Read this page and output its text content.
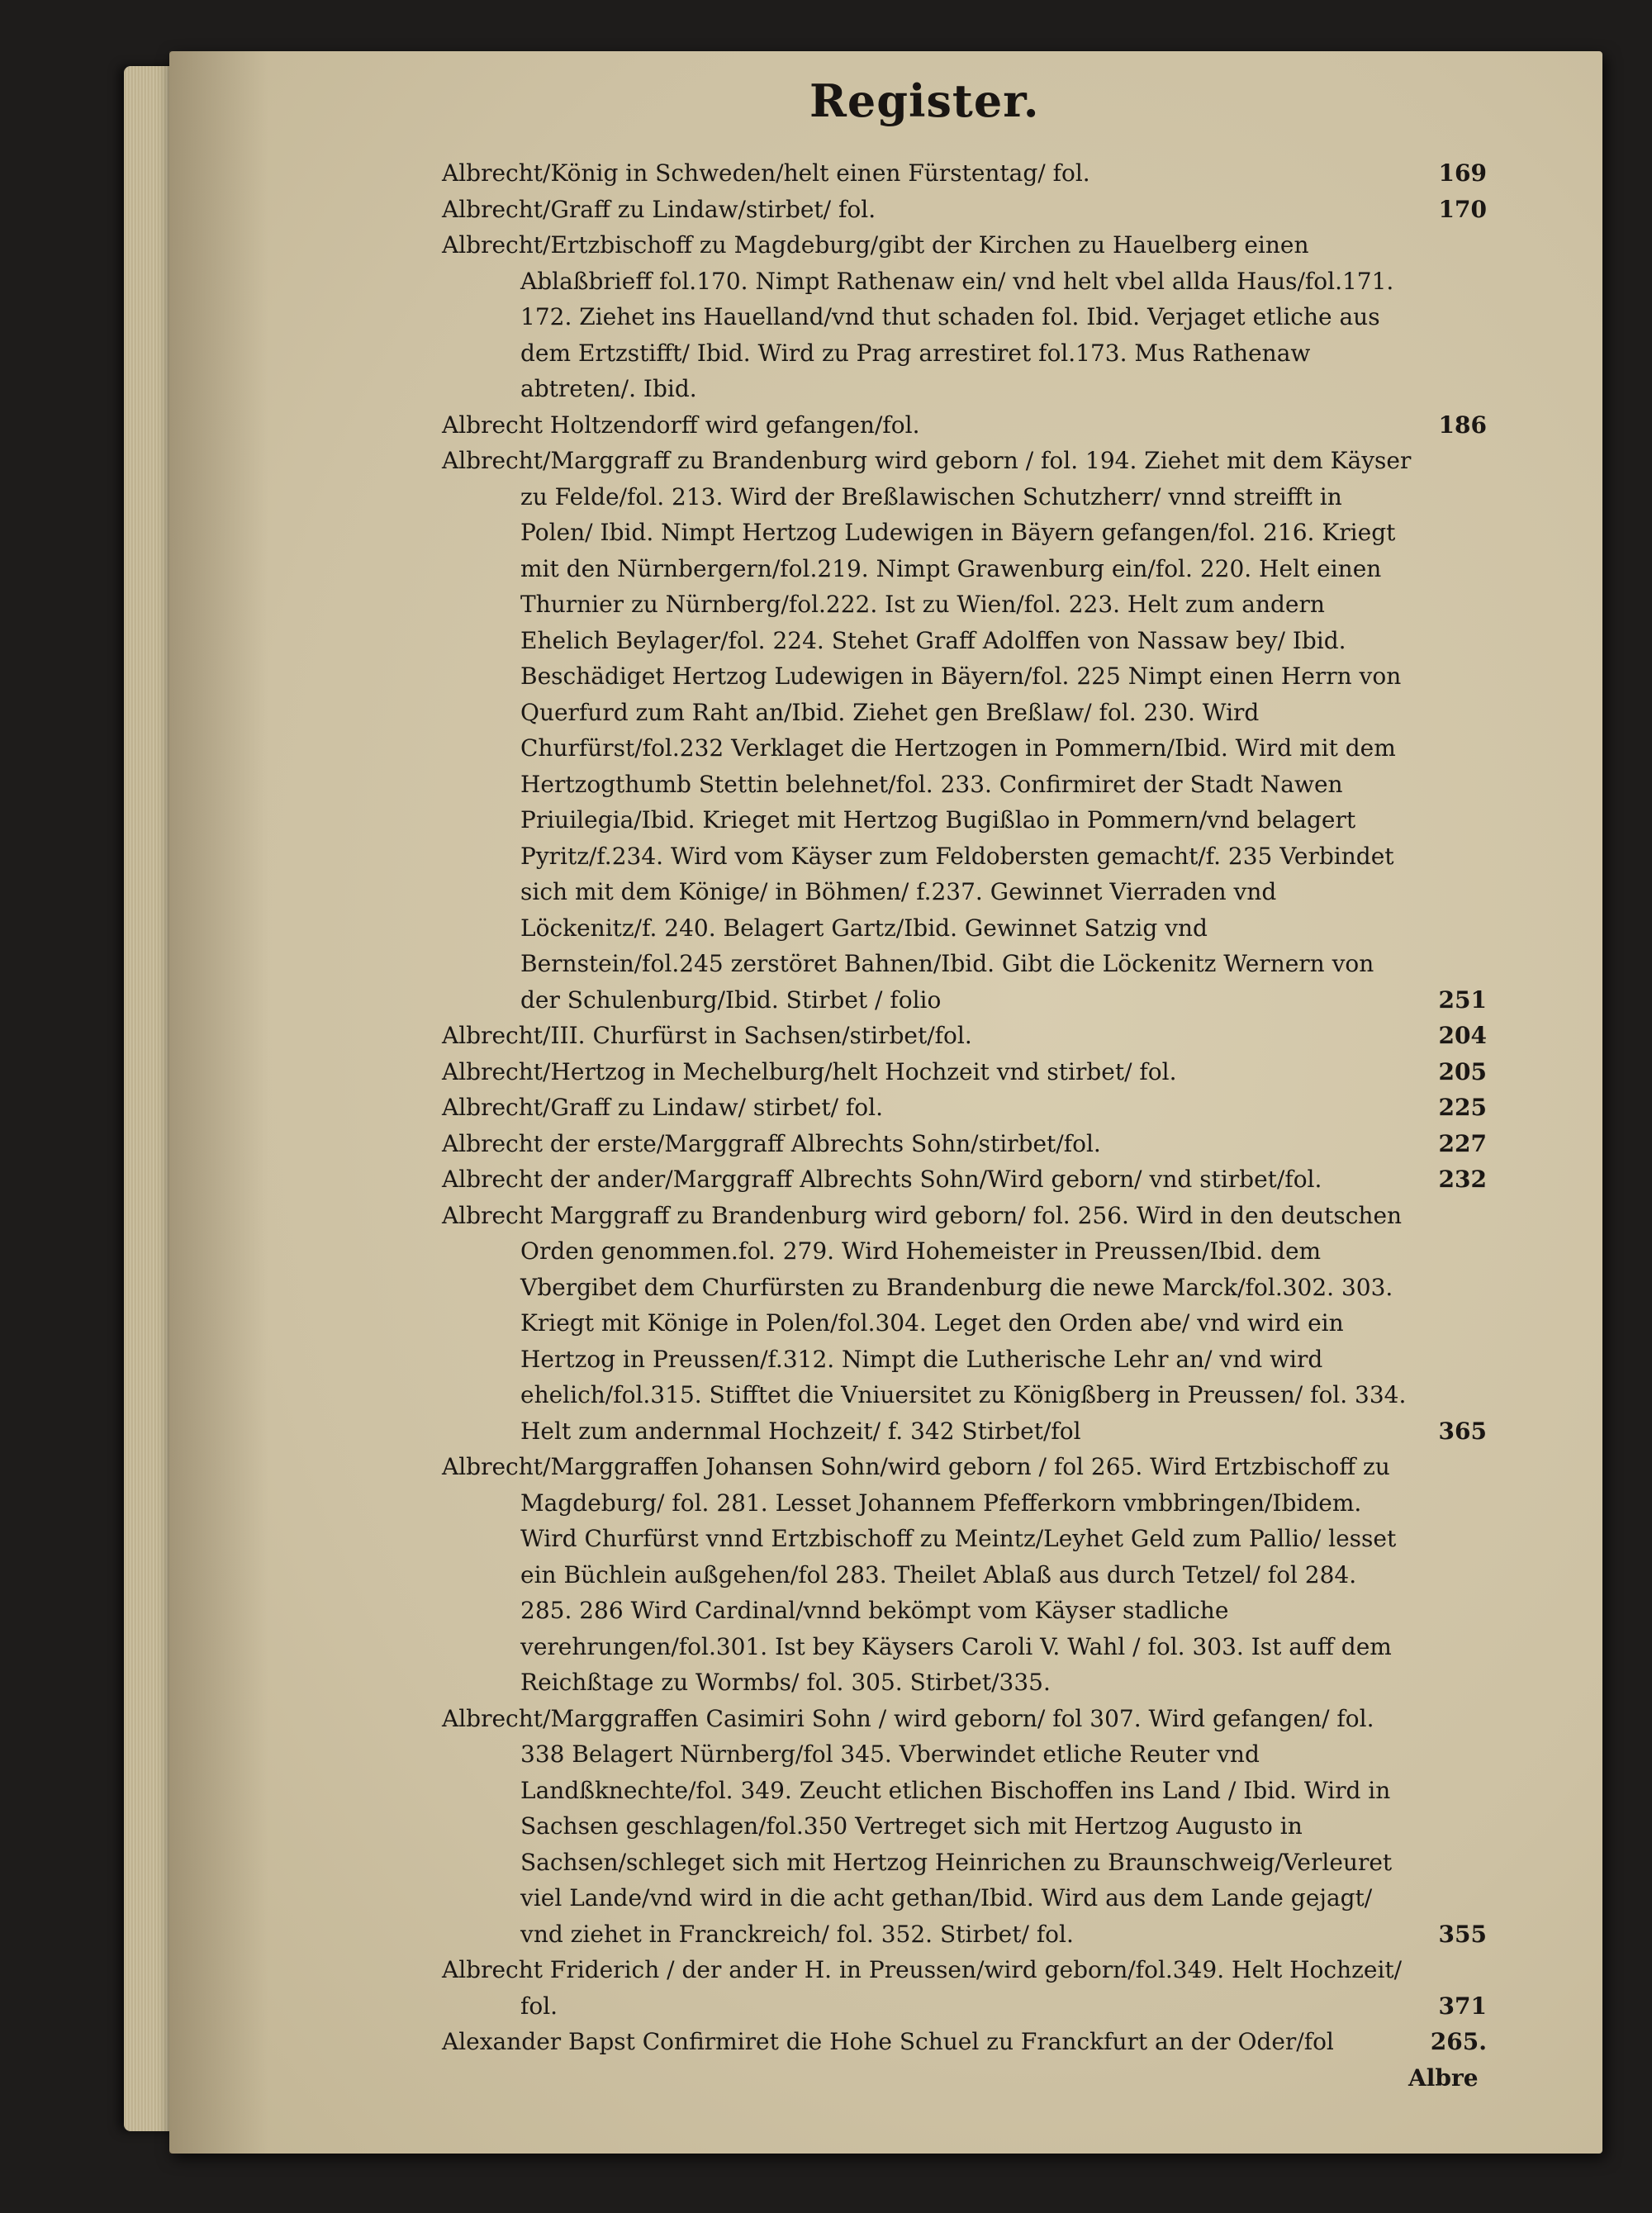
Register.
Albrecht/König in Schweden/helt einen Fürstentag/ fol.	169
Albrecht/Graff zu Lindaw/stirbet/ fol.	170
Albrecht/Ertzbischoff zu Magdeburg/gibt der Kirchen zu Hauelberg einen Ablaßbrieff fol.170. Nimpt Rathenaw ein/ vnd helt vbel allda Haus/fol.171. 172. Ziehet ins Hauelland/vnd thut schaden fol. Ibid. Verjaget etliche aus dem Ertzstifft/ Ibid. Wird zu Prag arrestiret fol.173. Mus Rathenaw abtreten/. Ibid.
Albrecht Holtzendorff wird gefangen/fol.	186
Albrecht/Marggraff zu Brandenburg wird geborn / fol. 194. Ziehet mit dem Käyser zu Felde/fol. 213. Wird der Breßlawischen Schutzherr/ vnnd streifft in Polen/ Ibid. Nimpt Hertzog Ludewigen in Bäyern gefangen/fol. 216. Kriegt mit den Nürnbergern/fol.219. Nimpt Grawenburg ein/fol. 220. Helt einen Thurnier zu Nürnberg/fol.222. Ist zu Wien/fol. 223. Helt zum andern Ehelich Beylager/fol. 224. Stehet Graff Adolffen von Nassaw bey/ Ibid. Beschädiget Hertzog Ludewigen in Bäyern/fol. 225 Nimpt einen Herrn von Querfurd zum Raht an/Ibid. Ziehet gen Breßlaw/ fol. 230. Wird Churfürst/fol.232 Verklaget die Hertzogen in Pommern/Ibid. Wird mit dem Hertzogthumb Stettin belehnet/fol. 233. Confirmiret der Stadt Nawen Priuilegia/Ibid. Krieget mit Hertzog Bugißlao in Pommern/vnd belagert Pyritz/f.234. Wird vom Käyser zum Feldobersten gemacht/f. 235 Verbindet sich mit dem Könige/ in Böhmen/ f.237. Gewinnet Vierraden vnd Löckenitz/f. 240. Belagert Gartz/Ibid. Gewinnet Satzig vnd Bernstein/fol.245 zerstöret Bahnen/Ibid. Gibt die Löckenitz Wernern von der Schulenburg/Ibid. Stirbet / folio	251
Albrecht/III. Churfürst in Sachsen/stirbet/fol.	204
Albrecht/Hertzog in Mechelburg/helt Hochzeit vnd stirbet/ fol.	205
Albrecht/Graff zu Lindaw/ stirbet/ fol.	225
Albrecht der erste/Marggraff Albrechts Sohn/stirbet/fol.	227
Albrecht der ander/Marggraff Albrechts Sohn/Wird geborn/ vnd stirbet/fol.	232
Albrecht Marggraff zu Brandenburg wird geborn/ fol. 256. Wird in den deutschen Orden genommen.fol. 279. Wird Hohemeister in Preussen/Ibid. dem Vbergibet dem Churfürsten zu Brandenburg die newe Marck/fol.302. 303. Kriegt mit Könige in Polen/fol.304. Leget den Orden abe/ vnd wird ein Hertzog in Preussen/f.312. Nimpt die Lutherische Lehr an/ vnd wird ehelich/fol.315. Stifftet die Vniuersitet zu Königßberg in Preussen/ fol. 334. Helt zum andernmal Hochzeit/ f. 342 Stirbet/fol	365
Albrecht/Marggraffen Johansen Sohn/wird geborn / fol 265. Wird Ertzbischoff zu Magdeburg/ fol. 281. Lesset Johannem Pfefferkorn vmbbringen/Ibidem. Wird Churfürst vnnd Ertzbischoff zu Meintz/Leyhet Geld zum Pallio/ lesset ein Büchlein außgehen/fol 283. Theilet Ablaß aus durch Tetzel/ fol 284. 285. 286 Wird Cardinal/vnnd bekömpt vom Käyser stadliche verehrungen/fol.301. Ist bey Käysers Caroli V. Wahl / fol. 303. Ist auff dem Reichßtage zu Wormbs/ fol. 305. Stirbet/335.
Albrecht/Marggraffen Casimiri Sohn / wird geborn/ fol 307. Wird gefangen/ fol. 338 Belagert Nürnberg/fol 345. Vberwindet etliche Reuter vnd Landßknechte/fol. 349. Zeucht etlichen Bischoffen ins Land / Ibid. Wird in Sachsen geschlagen/fol.350 Vertreget sich mit Hertzog Augusto in Sachsen/schleget sich mit Hertzog Heinrichen zu Braunschweig/Verleuret viel Lande/vnd wird in die acht gethan/Ibid. Wird aus dem Lande gejagt/ vnd ziehet in Franckreich/ fol. 352. Stirbet/ fol.	355
Albrecht Friderich / der ander H. in Preussen/wird geborn/fol.349. Helt Hochzeit/ fol.	371
Alexander Bapst Confirmiret die Hohe Schuel zu Franckfurt an der Oder/fol	265.
